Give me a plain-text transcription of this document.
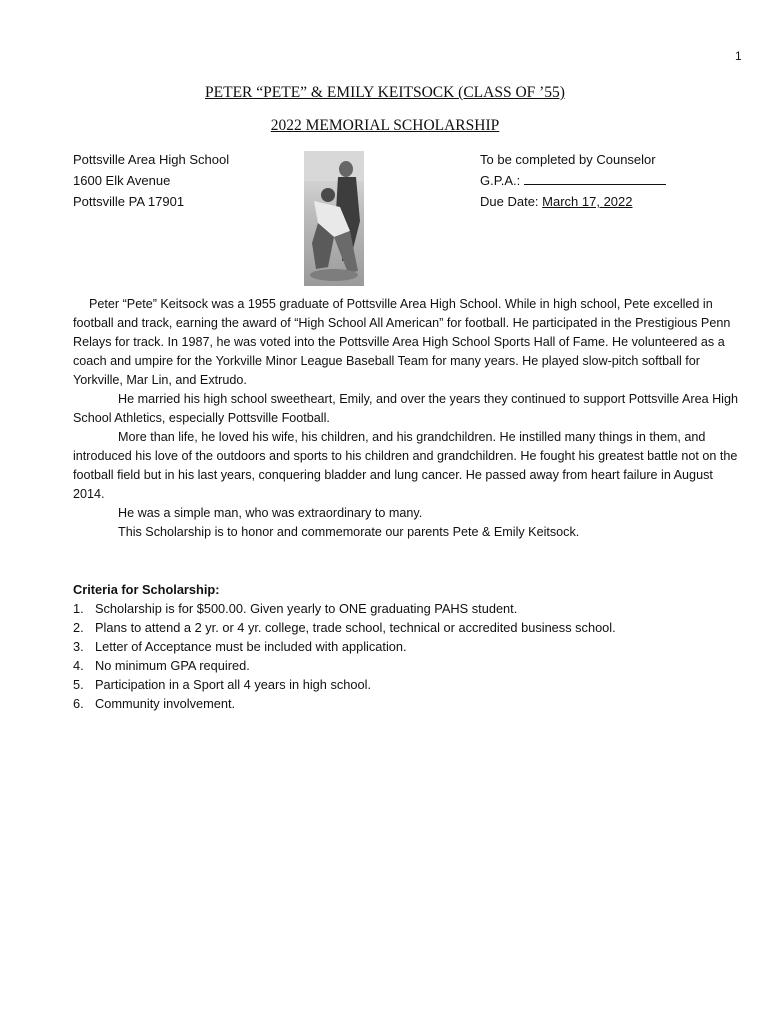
1
PETER “PETE” & EMILY KEITSOCK (CLASS OF ’55)
2022 MEMORIAL SCHOLARSHIP
Pottsville Area High School
1600 Elk Avenue
Pottsville PA 17901
To be completed by Counselor
G.P.A.:
Due Date: March 17, 2022

Peter “Pete” Keitsock was a 1955 graduate of Pottsville Area High School. While in high school, Pete excelled in football and track, earning the award of “High School All American” for football. He participated in the Prestigious Penn Relays for track. In 1987, he was voted into the Pottsville Area High School Sports Hall of Fame. He volunteered as a coach and umpire for the Yorkville Minor League Baseball Team for many years. He played slow-pitch softball for Yorkville, Mar Lin, and Extrudo.

He married his high school sweetheart, Emily, and over the years they continued to support Pottsville Area High School Athletics, especially Pottsville Football.

More than life, he loved his wife, his children, and his grandchildren. He instilled many things in them, and introduced his love of the outdoors and sports to his children and grandchildren. He fought his greatest battle not on the football field but in his last years, conquering bladder and lung cancer. He passed away from heart failure in August 2014.

He was a simple man, who was extraordinary to many.

This Scholarship is to honor and commemorate our parents Pete & Emily Keitsock.

Criteria for Scholarship:
1. Scholarship is for $500.00. Given yearly to ONE graduating PAHS student.
2. Plans to attend a 2 yr. or 4 yr. college, trade school, technical or accredited business school.
3. Letter of Acceptance must be included with application.
4. No minimum GPA required.
5. Participation in a Sport all 4 years in high school.
6. Community involvement.
